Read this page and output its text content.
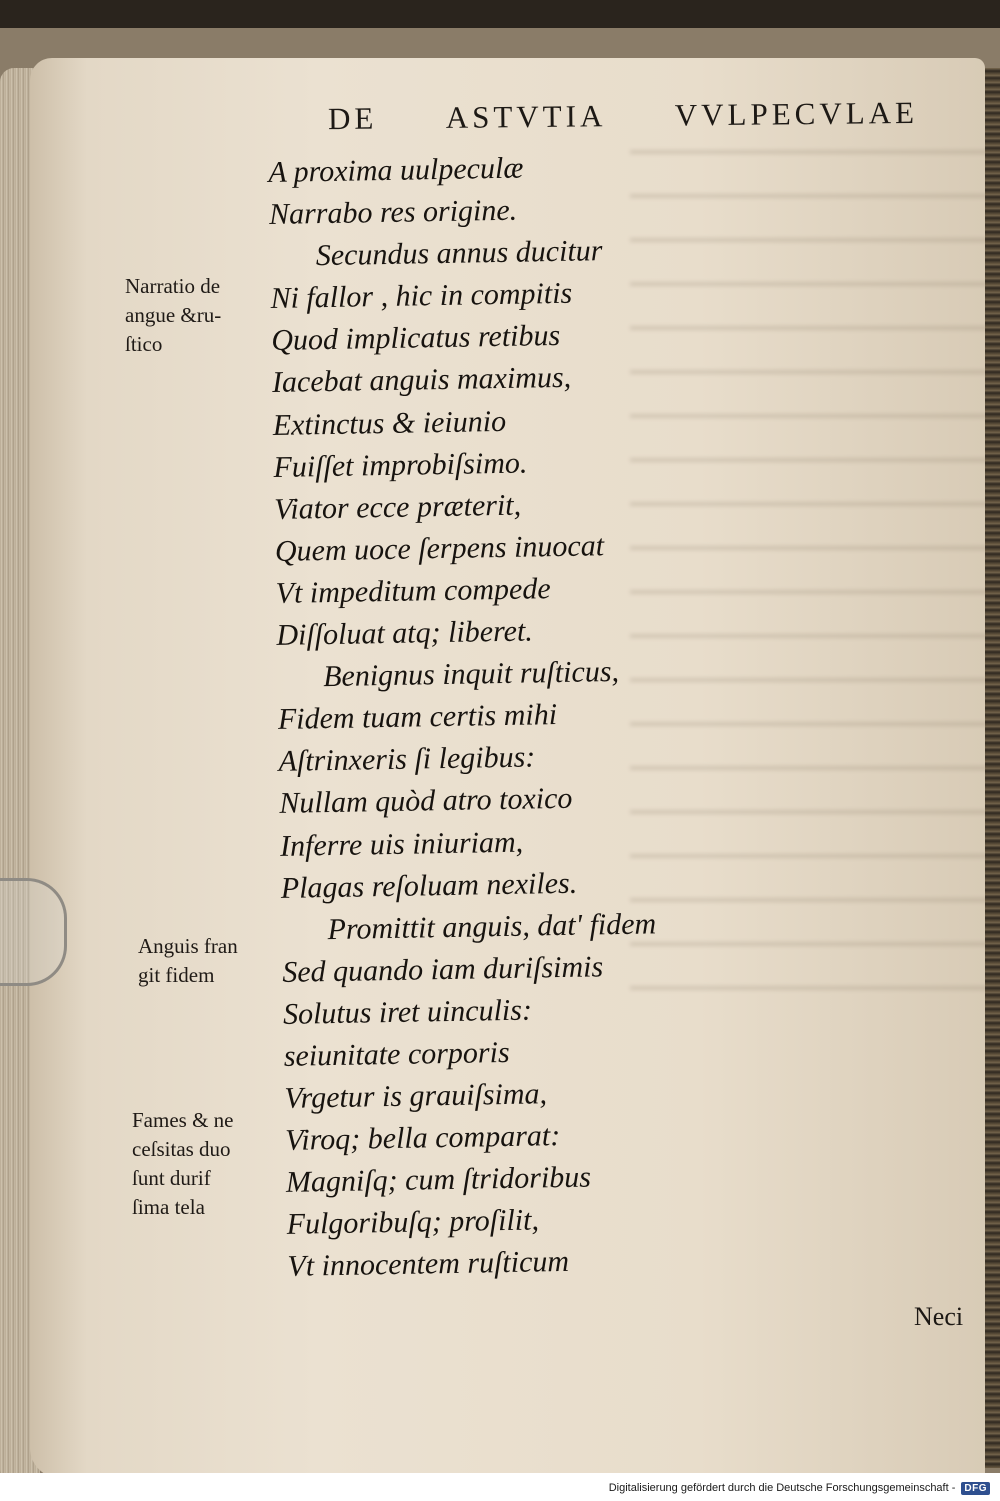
DE ASTVTIA VVLPECVLAE
A proxima uulpeculæ
Narrabo res origine.
Secundus annus ducitur
Ni fallor , hic in compitis
Quod implicatus retibus
Iacebat anguis maximus,
Extinctus & ieiunio
Fuiſſet improbiſsimo.
Viator ecce præterit,
Quem uoce ſerpens inuocat
Vt impeditum compede
Diſſoluat atq; liberet.
Benignus inquit ruſticus,
Fidem tuam certis mihi
Aſtrinxeris ſi legibus:
Nullam quòd atro toxico
Inferre uis iniuriam,
Plagas reſoluam nexiles.
Promittit anguis, dat' fidem
Sed quando iam duriſsimis
Solutus iret uinculis:
seiunitate corporis
Vrgetur is grauiſsima,
Viroq; bella comparat:
Magniſq; cum ſtridoribus
Fulgoribuſq; proſilit,
Vt innocentem ruſticum
Narratio de
angue &ru-
ſtico
Anguis fran
git fidem
Fames & ne
ceſsitas duo
ſunt durif
ſima tela
Neci
Digitalisierung gefördert durch die Deutsche Forschungsgemeinschaft - DFG
